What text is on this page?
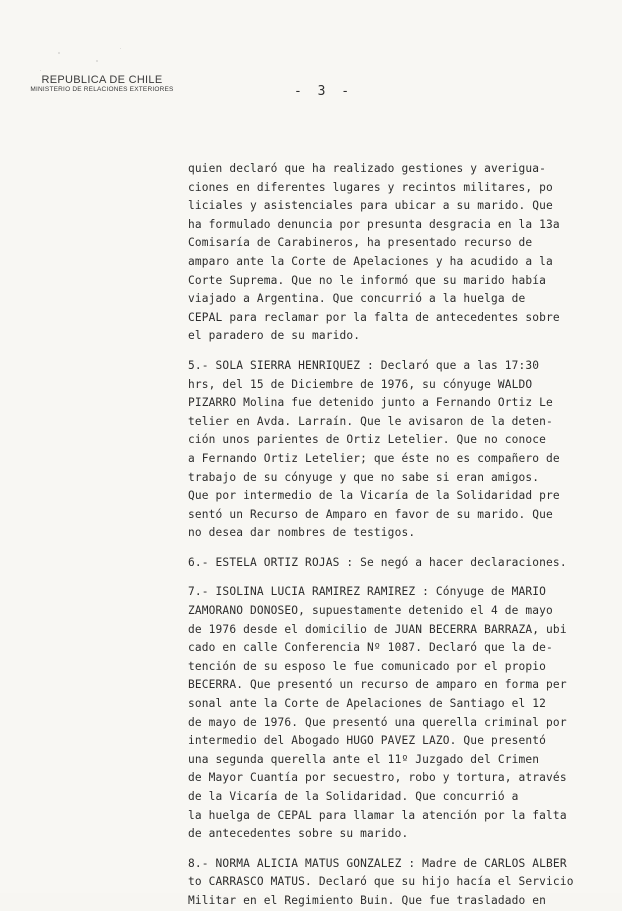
REPUBLICA DE CHILE
MINISTERIO DE RELACIONES EXTERIORES	- 3 -
quien declaró que ha realizado gestiones y averigua-
ciones en diferentes lugares y recintos militares, po
liciales y asistenciales para ubicar a su marido. Que
ha formulado denuncia por presunta desgracia en la 13a
Comisaría de Carabineros, ha presentado recurso de
amparo ante la Corte de Apelaciones y ha acudido a la
Corte Suprema. Que no le informó que su marido había
viajado a Argentina. Que concurrió a la huelga de
CEPAL para reclamar por la falta de antecedentes sobre
el paradero de su marido.
5.- SOLA SIERRA HENRIQUEZ : Declaró que a las 17:30
hrs, del 15 de Diciembre de 1976, su cónyuge WALDO
PIZARRO Molina fue detenido junto a Fernando Ortiz Le
telier en Avda. Larraín. Que le avisaron de la deten-
ción unos parientes de Ortiz Letelier. Que no conoce
a Fernando Ortiz Letelier; que éste no es compañero de
trabajo de su cónyuge y que no sabe si eran amigos.
Que por intermedio de la Vicaría de la Solidaridad pre
sentó un Recurso de Amparo en favor de su marido. Que
no desea dar nombres de testigos.
6.- ESTELA ORTIZ ROJAS : Se negó a hacer declaraciones.
7.- ISOLINA LUCIA RAMIREZ RAMIREZ : Cónyuge de MARIO
ZAMORANO DONOSEO, supuestamente detenido el 4 de mayo
de 1976 desde el domicilio de JUAN BECERRA BARRAZA, ubi
cado en calle Conferencia Nº 1087. Declaró que la de-
tención de su esposo le fue comunicado por el propio
BECERRA. Que presentó un recurso de amparo en forma per
sonal ante la Corte de Apelaciones de Santiago el 12
de mayo de 1976. Que presentó una querella criminal por
intermedio del Abogado HUGO PAVEZ LAZO. Que presentó
una segunda querella ante el 11º Juzgado del Crimen
de Mayor Cuantía por secuestro, robo y tortura, através
de la Vicaría de la Solidaridad. Que concurrió a
la huelga de CEPAL para llamar la atención por la falta
de antecedentes sobre su marido.
8.- NORMA ALICIA MATUS GONZALEZ : Madre de CARLOS ALBER
to CARRASCO MATUS. Declaró que su hijo hacía el Servicio
Militar en el Regimiento Buin. Que fue trasladado en
